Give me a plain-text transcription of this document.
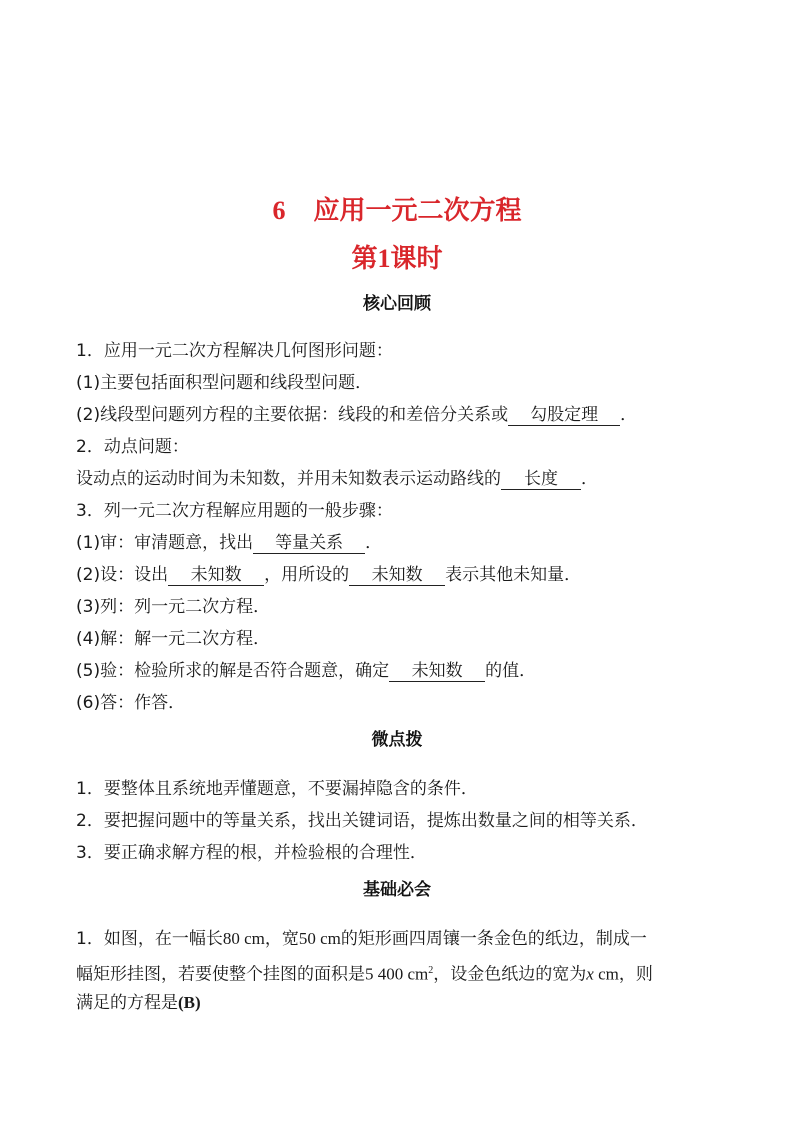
6 应用一元二次方程
第1课时
核心回顾
1．应用一元二次方程解决几何图形问题：
(1)主要包括面积型问题和线段型问题．
(2)线段型问题列方程的主要依据：线段的和差倍分关系或 勾股定理 ．
2．动点问题：
设动点的运动时间为未知数，并用未知数表示运动路线的 长度 ．
3．列一元二次方程解应用题的一般步骤：
(1)审：审清题意，找出 等量关系 ．
(2)设：设出 未知数 ，用所设的 未知数 表示其他未知量．
(3)列：列一元二次方程．
(4)解：解一元二次方程．
(5)验：检验所求的解是否符合题意，确定 未知数 的值．
(6)答：作答．
微点拨
1．要整体且系统地弄懂题意，不要漏掉隐含的条件．
2．要把握问题中的等量关系，找出关键词语，提炼出数量之间的相等关系．
3．要正确求解方程的根，并检验根的合理性．
基础必会
1．如图，在一幅长80 cm，宽50 cm的矩形画四周镶一条金色的纸边，制成一
幅矩形挂图，若要使整个挂图的面积是5 400 $cm^2$，设金色纸边的宽为x cm，则
满足的方程是(B)
